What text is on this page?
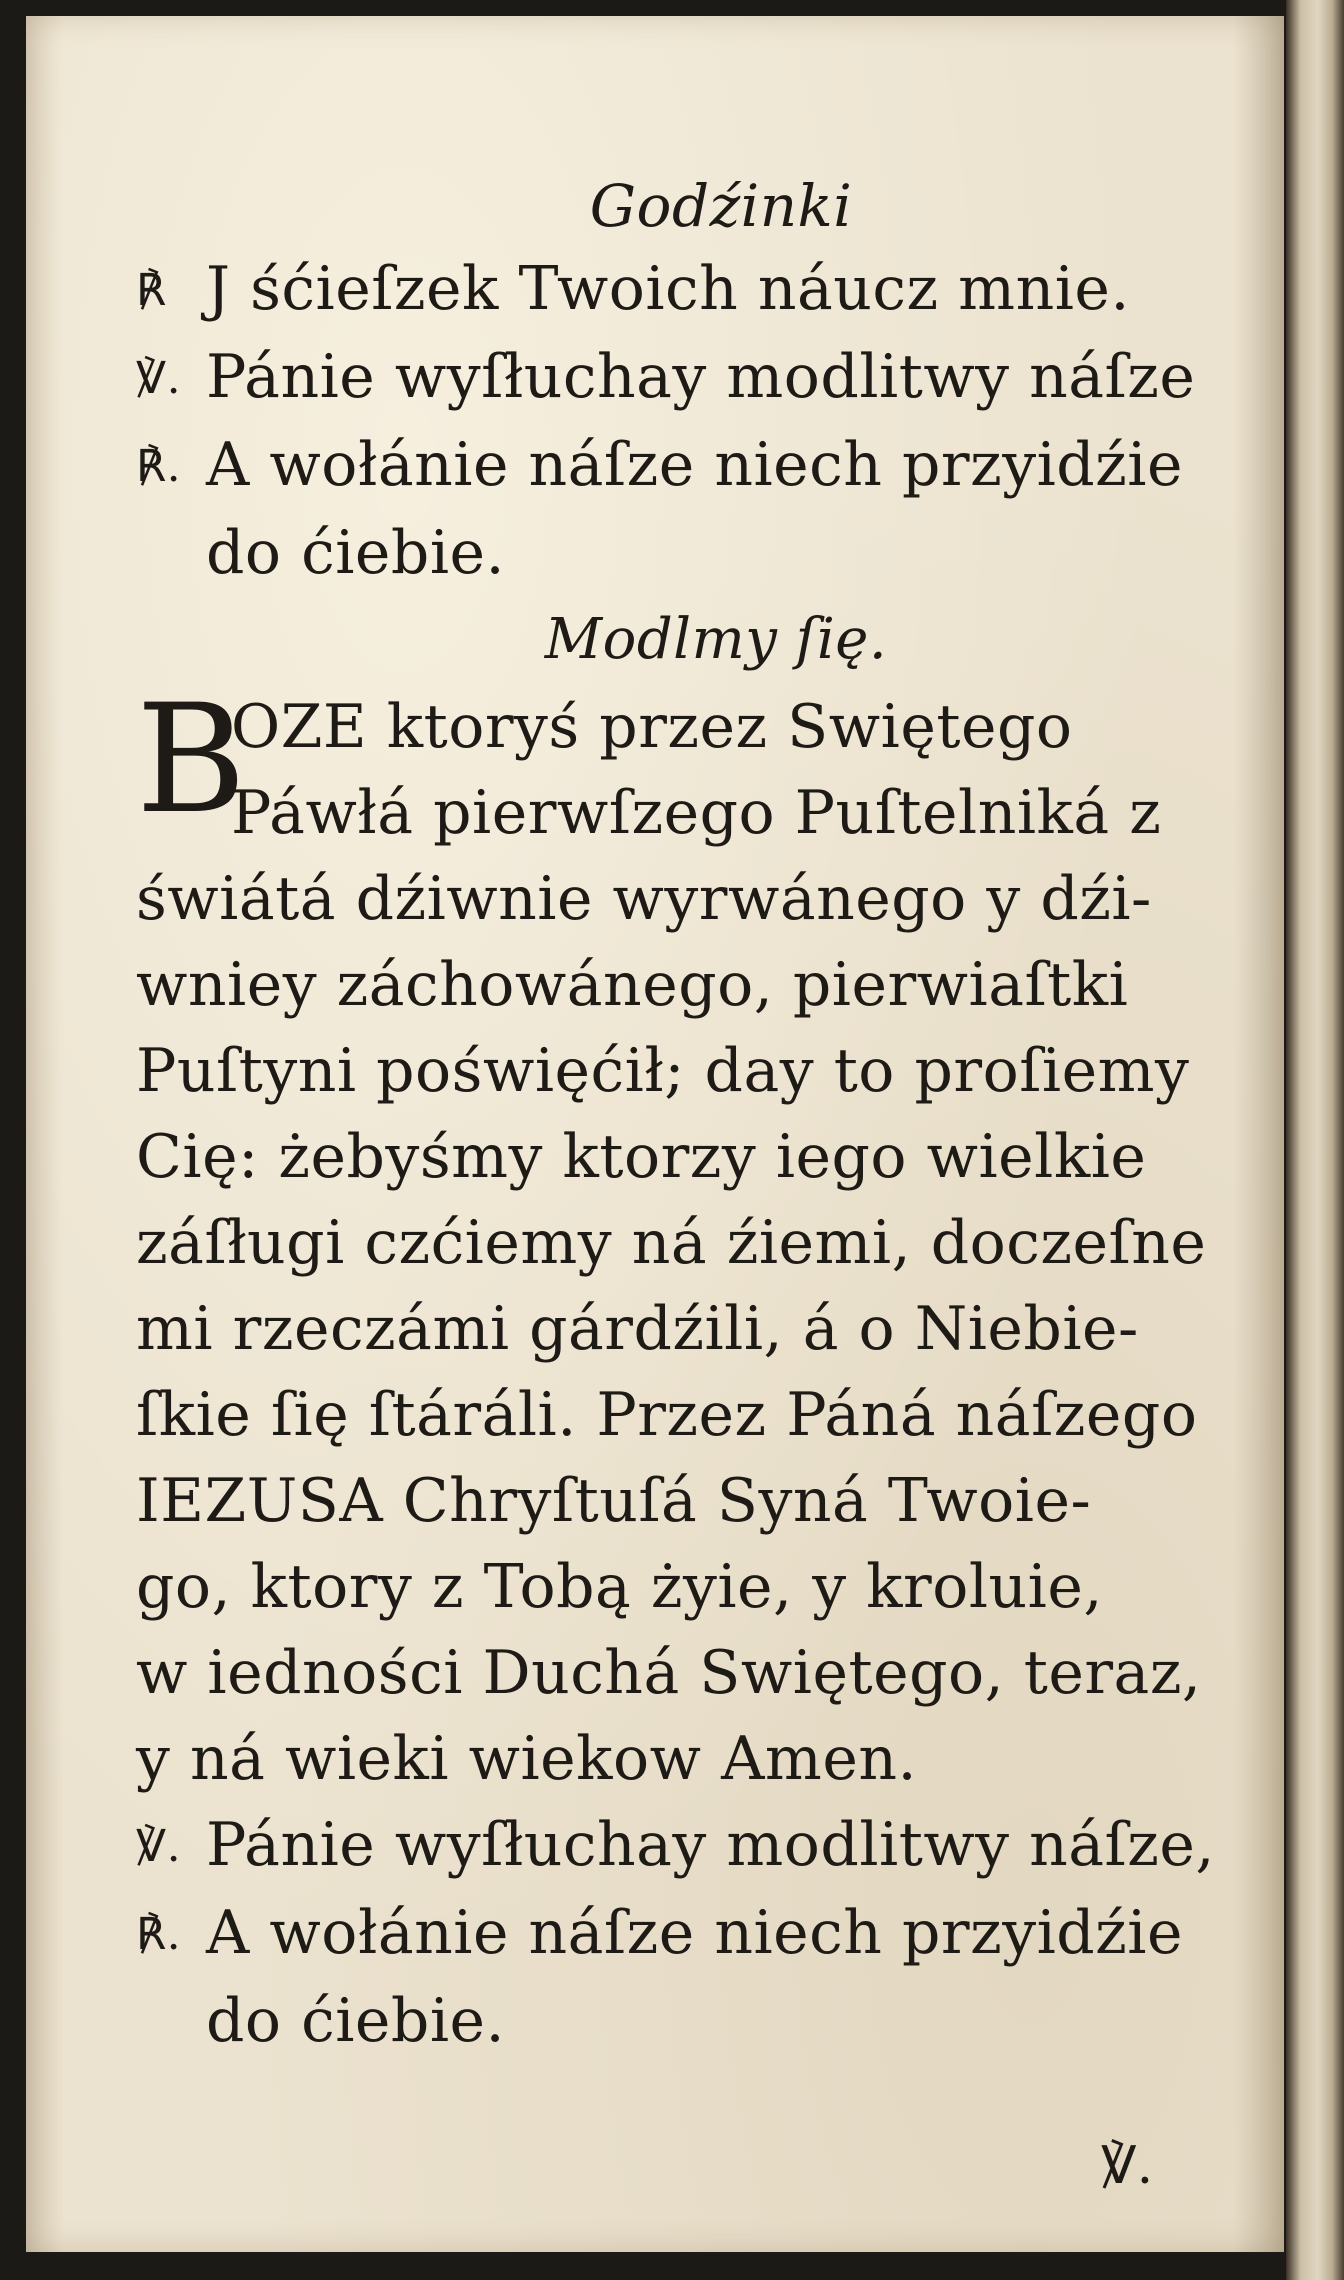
Godźinki
℟ J śćieſzek Twoich náucz mnie.
℣. Pánie wyſłuchay modlitwy náſze
℟. A wołánie náſze niech przyidźie
do ćiebie.
Modlmy ſię.
B
OZE ktoryś przez Swiętego
Páwłá pierwſzego Puſtelniká z
świátá dźiwnie wyrwánego y dźi-
wniey záchowánego, pierwiaſtki
Puſtyni poświęćił; day to proſiemy
Cię: żebyśmy ktorzy iego wielkie
záſługi czćiemy ná źiemi, doczeſne
mi rzeczámi gárdźili, á o Niebie-
ſkie ſię ſtáráli. Przez Páná náſzego
IEZUSA Chryſtuſá Syná Twoie-
go, ktory z Tobą żyie, y kroluie,
w iedności Duchá Swiętego, teraz,
y ná wieki wiekow Amen.
℣. Pánie wyſłuchay modlitwy náſze,
℟. A wołánie náſze niech przyidźie
do ćiebie.
℣.
